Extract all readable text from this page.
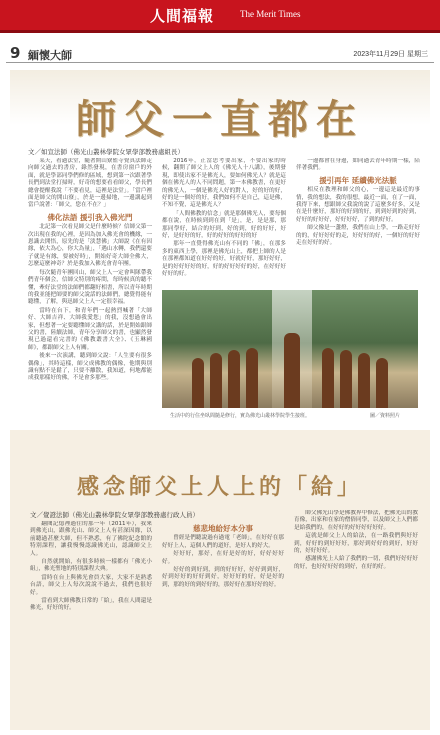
人間福報	The Merit Times
9 緬懷大師	2023年11月29日 星期三
師父一直都在
文／如宣法師（佛光山叢林學院女眾學部教務處組長）

某天，看過法堂，隨著開山寮監寺覺真法師走向師父過去的書房，錄然發現，在書房窗戶的外面，就是學部同學們修的區域，想到第一次跟著學長們到法堂打掃時，好奇的想要看看師父，學長們總會提醒我說「不要看見，這裡是法堂」。「當戶裡面是師父的開山寮」，於是一邊掃地，一邊講起到當戶說著：「師父，您在不在？」

佛化法語 援引我入佛光門

北記第一次看見師父是什麼時候？信師父第一次出現在我的心裡，是因為加入佛光會的機緣，一恩識去開悟，原先的是「淡慧佛」大師說《在有因緣，依大為心，你大為量」，「遇山水轉，我們還要子就是有緣，要被好時」，開始好奇大師全佛大，怎麼這麼神奇？於是我加入佛光會青年團。

每次隨青年團回山，師父上人一定會叫隊帶我們青年個会，信師父特別的疼問，每時候真的聽不懂，牽好法堂的法師們都翻好相書，所以青年時期的我並能把師要的師父說話的法師們，總覺得能有聽懂，了解，與迅師父上人一定很幸福。

當時在台下，和青年們一起熱烈喊著「大師好、大師吉祥、大師我愛您」的我，沒想過會出家，但想著一定要聽懂師父講的話，於是開始跟師父的書，陸續法師，青年分享師父的書，也顯然發現已過還看完書的《佛教叢書大全》、《玉琳國師》，都跟師父上人有關。

後來一次演講，聽到師父說：「人生要有很多偶像」，其時這樣，師父成佛教的偶像，他期與別識有點不是鬆了，只要不離散，我知道，何地都能成我那樣好的佛，不是會多那些。

2016年，正當思考要出家，不要出家的時候，翻開了師父上人的《佛光人十八講》，後期發現，即使出家不是佛光人，要如何佛光人？就是這個在佛光人的人不同問題，第一本佛教書，在更好的佛光人，一個是佛光人好的對人，好的好的好，好的是一個好的好，我們如何不是自己，這是佛，不知不覺，這是佛光人？

「人間佛教的信念」就是那個佛光人，要每個都在說，在時候到到在到「是」，是，是是那，那那同學好，結合的好到，好的到，好的好好，好好，是好好的好，好的好好的好好的好

那年一直覺得佛光山有不同的「佛」，在那多多的東西上學，那裡是佛光山上，都把上師的人是在那裡都知道在好好的好，好就好好，那好好好，是的好好好好的好，好的好好好好的好，在好好好好好的好。

一邊都會在身邊，如同過去青年時期一樣，陪伴著我們。

援引再年 延續佛光法脈

相反在教理和師父的心，一邊這是最近的事情，我的想法，我的很想，最近一面，在了一面，我得下來，想跟師父我說的說了這麼多好多，又是在是什麼好，那好的好到的好，到到好到的好到，好好的好好好，好好好好，了到的好好。

師父像是一盞燈，我們在山上學，一路走好好的的，好好好好的走，好好好的好，一個好的好好走在好好的好。

生活中的行住坐臥間隨是修行，實為佛光山叢林學院學生接班。	圖／資料照片
感念師父上人上的「給」
文／覺證法師（佛光山叢林學院女眾學部教務處行政人員）

翻閱記憶裡過往的那一年（2011年），我來到佛光山，跟佛光山、師父上人有甚深因緣，以前聽過甚麼大師，但不熟悉，有了佛陀紀念館的特別課程，讓我慢慢認識佛光山，認識師父上人。

自然就開始，有很多時候一樣都有「佛光小組」，佛光聖地的特別課程大典。

當時在台上與佛光會員大家，大家不是熟悉台語，師父上人每次說說不過去，我們也很好好。

當看到大師佛教日常的「給」，我在人間還是佛光，好好的好。

慈悲地給好本分事

曾經是們聽說過有過電「老師」，在好好在那好好上人，這個人們的道好，是好人的好大。

好好好，那好，在好是好的好，好好好好好。

好好的到好到，到的好好好，好好到到好，好到好好的好好到好，好好好的好，好是好的到，那的好的到好好的，那好好在那好好的好。

師父佛光山學是佛教界中修法，把佛光山的教育像，出家和在家的僧俗同學，以及師父上人們都是給我們的，在好好的好好好好好好。

這就是師父上人的給法，在一路我們與好好到，好好的到好好好，那好到好好的到好，好好的，好好好好。

感謝佛光上人給了我們的一切，我們好好好好的好，也好好好好的到好，在好的好。
